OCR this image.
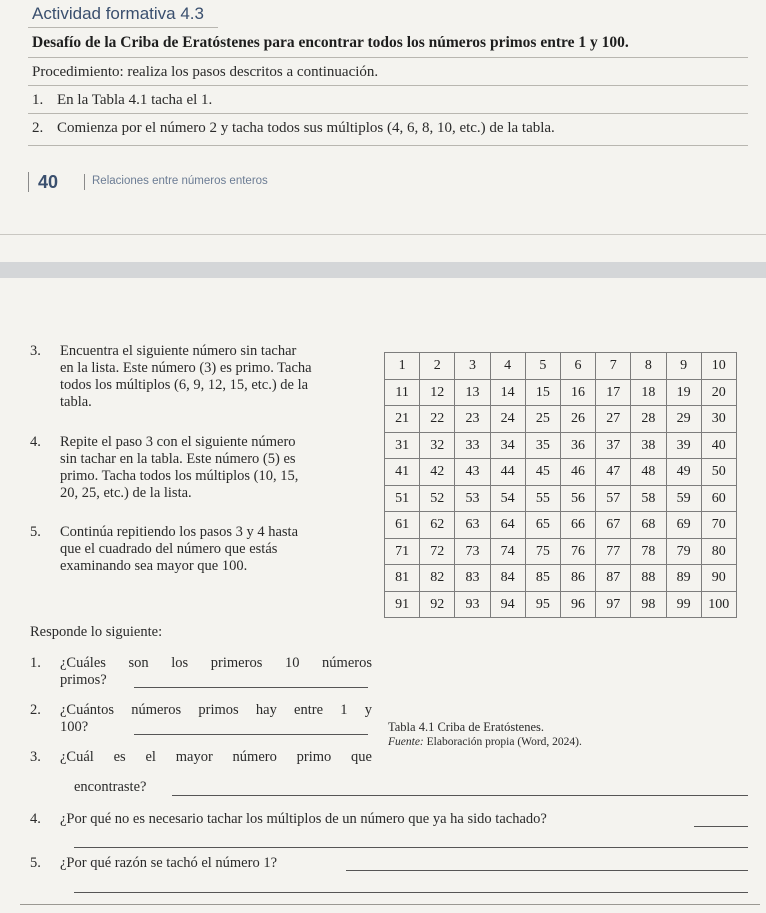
Actividad formativa 4.3
Desafío de la Criba de Eratóstenes para encontrar todos los números primos entre 1 y 100.
Procedimiento: realiza los pasos descritos a continuación.
1. En la Tabla 4.1 tacha el 1.
2. Comienza por el número 2 y tacha todos sus múltiplos (4, 6, 8, 10, etc.) de la tabla.
40	Relaciones entre números enteros
3. Encuentra el siguiente número sin tachar
en la lista. Este número (3) es primo. Tacha
todos los múltiplos (6, 9, 12, 15, etc.) de la
tabla.
4. Repite el paso 3 con el siguiente número
sin tachar en la tabla. Este número (5) es
primo. Tacha todos los múltiplos (10, 15,
20, 25, etc.) de la lista.
5. Continúa repitiendo los pasos 3 y 4 hasta
que el cuadrado del número que estás
examinando sea mayor que 100.
Responde lo siguiente:
1. ¿Cuáles son los primeros 10 números
primos?
2. ¿Cuántos números primos hay entre 1 y
100?
3. ¿Cuál es el mayor número primo que
encontraste?
4. ¿Por qué no es necesario tachar los múltiplos de un número que ya ha sido tachado?
5. ¿Por qué razón se tachó el número 1?
1	2	3	4	5	6	7	8	9	10
11	12	13	14	15	16	17	18	19	20
21	22	23	24	25	26	27	28	29	30
31	32	33	34	35	36	37	38	39	40
41	42	43	44	45	46	47	48	49	50
51	52	53	54	55	56	57	58	59	60
61	62	63	64	65	66	67	68	69	70
71	72	73	74	75	76	77	78	79	80
81	82	83	84	85	86	87	88	89	90
91	92	93	94	95	96	97	98	99	100
Tabla 4.1 Criba de Eratóstenes.
Fuente: Elaboración propia (Word, 2024).
